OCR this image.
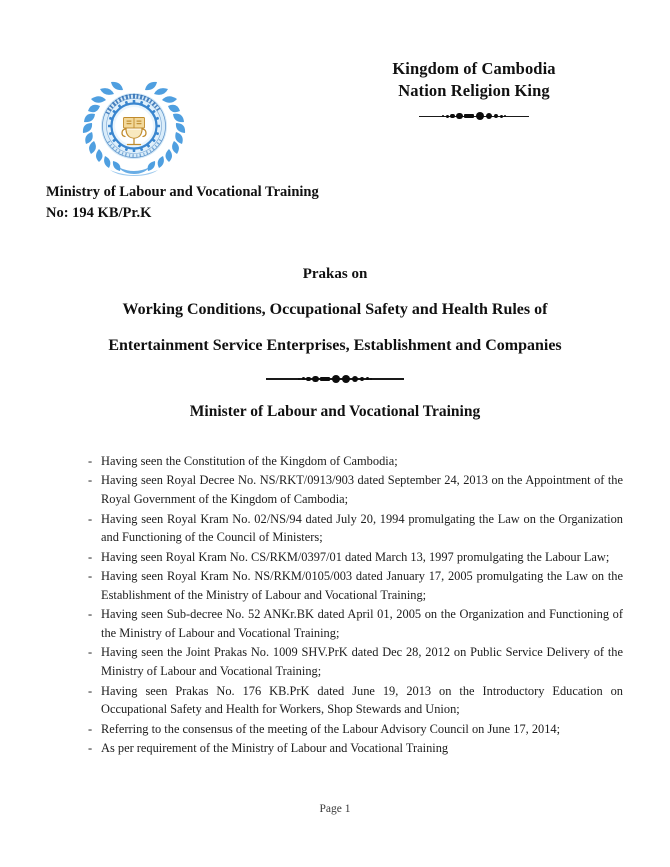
Kingdom of Cambodia
Nation Religion King
Ministry of Labour and Vocational Training
No: 194 KB/Pr.K
Prakas on
Working Conditions, Occupational Safety and Health Rules of
Entertainment Service Enterprises, Establishment and Companies
Minister of Labour and Vocational Training
- Having seen the Constitution of the Kingdom of Cambodia;
- Having seen Royal Decree No. NS/RKT/0913/903 dated September 24, 2013 on the Appointment of the Royal Government of the Kingdom of Cambodia;
- Having seen Royal Kram No. 02/NS/94 dated July 20, 1994 promulgating the Law on the Organization and Functioning of the Council of Ministers;
- Having seen Royal Kram No. CS/RKM/0397/01 dated March 13, 1997 promulgating the Labour Law;
- Having seen Royal Kram No. NS/RKM/0105/003 dated January 17, 2005 promulgating the Law on the Establishment of the Ministry of Labour and Vocational Training;
- Having seen Sub-decree No. 52 ANKr.BK dated April 01, 2005 on the Organization and Functioning of the Ministry of Labour and Vocational Training;
- Having seen the Joint Prakas No. 1009 SHV.PrK dated Dec 28, 2012 on Public Service Delivery of the Ministry of Labour and Vocational Training;
- Having seen Prakas No. 176 KB.PrK dated June 19, 2013 on the Introductory Education on Occupational Safety and Health for Workers, Shop Stewards and Union;
- Referring to the consensus of the meeting of the Labour Advisory Council on June 17, 2014;
- As per requirement of the Ministry of Labour and Vocational Training
Page 1
